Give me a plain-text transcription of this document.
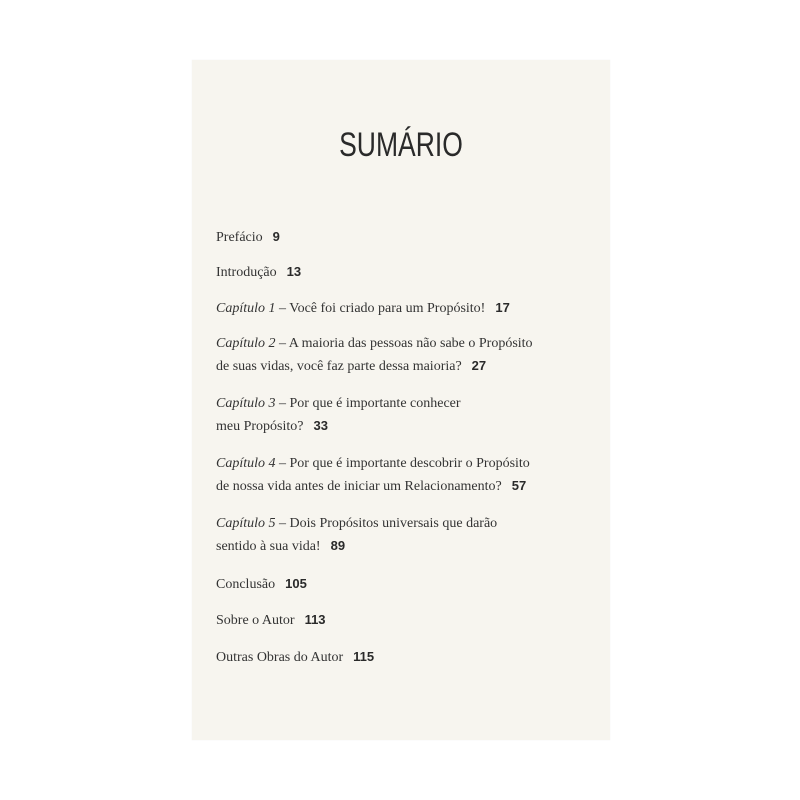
SUMÁRIO
Prefácio 9
Introdução 13
Capítulo 1 – Você foi criado para um Propósito! 17
Capítulo 2 – A maioria das pessoas não sabe o Propósito
de suas vidas, você faz parte dessa maioria? 27
Capítulo 3 – Por que é importante conhecer
meu Propósito? 33
Capítulo 4 – Por que é importante descobrir o Propósito
de nossa vida antes de iniciar um Relacionamento? 57
Capítulo 5 – Dois Propósitos universais que darão
sentido à sua vida! 89
Conclusão 105
Sobre o Autor 113
Outras Obras do Autor 115
